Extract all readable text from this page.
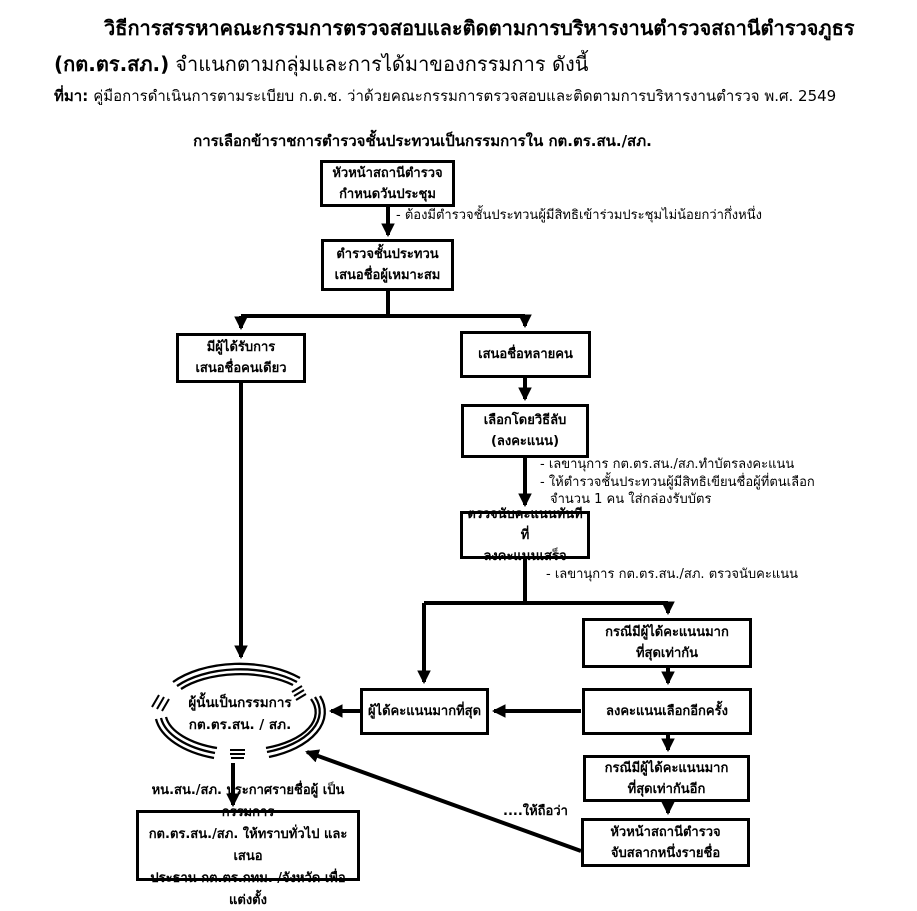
วิธีการสรรหาคณะกรรมการตรวจสอบและติดตามการบริหารงานตำรวจสถานีตำรวจภูธร
(กต.ตร.สภ.) จำแนกตามกลุ่มและการได้มาของกรรมการ ดังนี้
ที่มา: คู่มือการดำเนินการตามระเบียบ ก.ต.ช. ว่าด้วยคณะกรรมการตรวจสอบและติดตามการบริหารงานตำรวจ พ.ศ. 2549
การเลือกข้าราชการตำรวจชั้นประทวนเป็นกรรมการใน กต.ตร.สน./สภ.
หัวหน้าสถานีตำรวจ
กำหนดวันประชุม
ตำรวจชั้นประทวน
เสนอชื่อผู้เหมาะสม
มีผู้ได้รับการ
เสนอชื่อคนเดียว
เสนอชื่อหลายคน
เลือกโดยวิธีลับ
(ลงคะแนน)
ตรวจนับคะแนนทันทีที่
ลงคะแนนเสร็จ
กรณีมีผู้ได้คะแนนมาก
ที่สุดเท่ากัน
ลงคะแนนเลือกอีกครั้ง
ผู้ได้คะแนนมากที่สุด
กรณีมีผู้ได้คะแนนมาก
ที่สุดเท่ากันอีก
หัวหน้าสถานีตำรวจ
จับสลากหนึ่งรายชื่อ
ผู้นั้นเป็นกรรมการ
กต.ตร.สน. / สภ.
หน.สน./สภ. ประกาศรายชื่อผู้ เป็นกรรมการ
กต.ตร.สน./สภ. ให้ทราบทั่วไป และเสนอ
ประธาน กต.ตร.กทม. /จังหวัด เพื่อแต่งตั้ง
- ต้องมีตำรวจชั้นประทวนผู้มีสิทธิเข้าร่วมประชุมไม่น้อยกว่ากึ่งหนึ่ง
- เลขานุการ กต.ตร.สน./สภ.ทำบัตรลงคะแนน
- ให้ตำรวจชั้นประทวนผู้มีสิทธิเขียนชื่อผู้ที่ตนเลือก
จำนวน 1 คน ใส่กล่องรับบัตร
- เลขานุการ กต.ตร.สน./สภ. ตรวจนับคะแนน
....ให้ถือว่า
